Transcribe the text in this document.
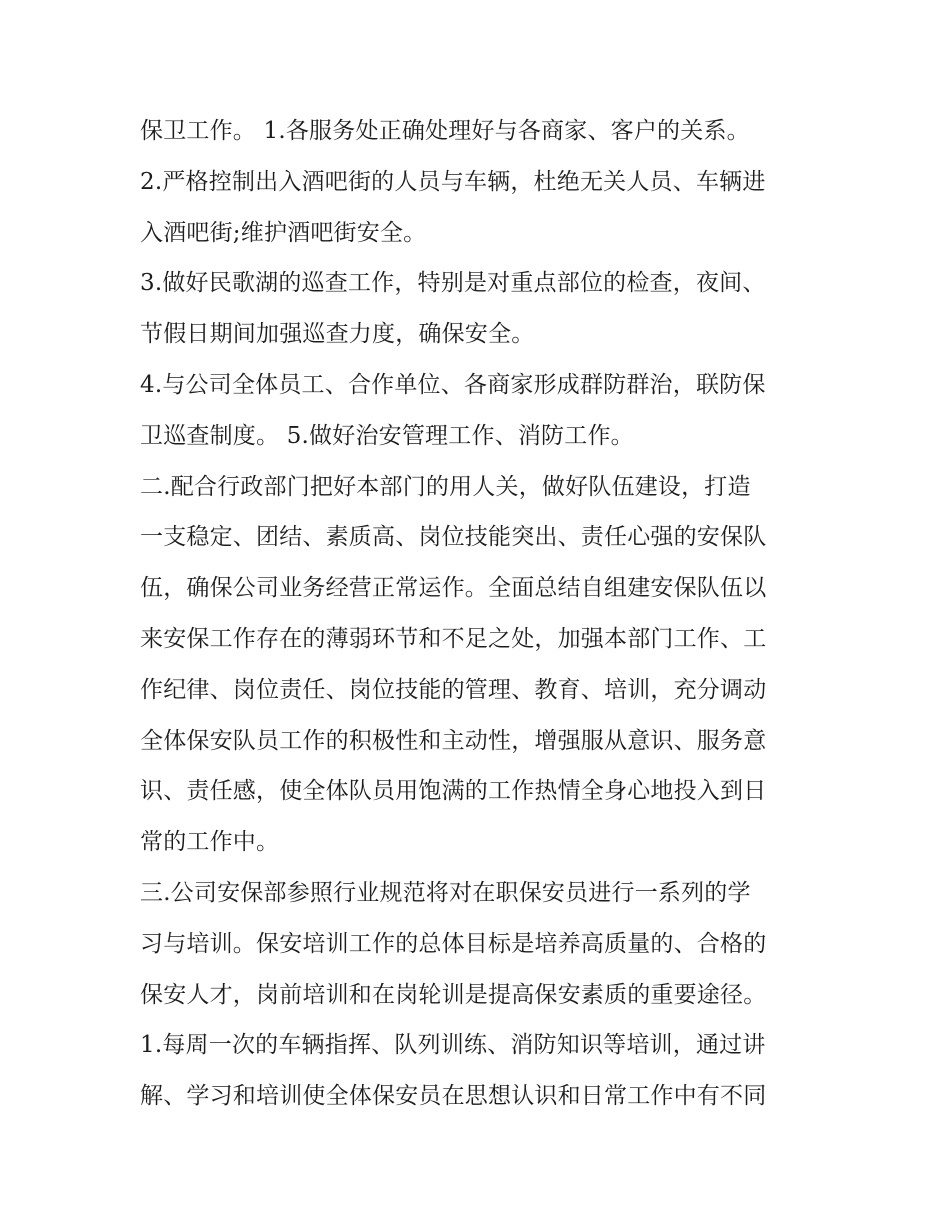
保卫工作。 1.各服务处正确处理好与各商家、客户的关系。
2.严格控制出入酒吧街的人员与车辆，杜绝无关人员、车辆进
入酒吧街;维护酒吧街安全。
3.做好民歌湖的巡查工作，特别是对重点部位的检查，夜间、
节假日期间加强巡查力度，确保安全。
4.与公司全体员工、合作单位、各商家形成群防群治，联防保
卫巡查制度。 5.做好治安管理工作、消防工作。
二.配合行政部门把好本部门的用人关，做好队伍建设，打造
一支稳定、团结、素质高、岗位技能突出、责任心强的安保队
伍，确保公司业务经营正常运作。全面总结自组建安保队伍以
来安保工作存在的薄弱环节和不足之处，加强本部门工作、工
作纪律、岗位责任、岗位技能的管理、教育、培训，充分调动
全体保安队员工作的积极性和主动性，增强服从意识、服务意
识、责任感，使全体队员用饱满的工作热情全身心地投入到日
常的工作中。
三.公司安保部参照行业规范将对在职保安员进行一系列的学
习与培训。保安培训工作的总体目标是培养高质量的、合格的
保安人才，岗前培训和在岗轮训是提高保安素质的重要途径。
1.每周一次的车辆指挥、队列训练、消防知识等培训，通过讲
解、学习和培训使全体保安员在思想认识和日常工作中有不同
